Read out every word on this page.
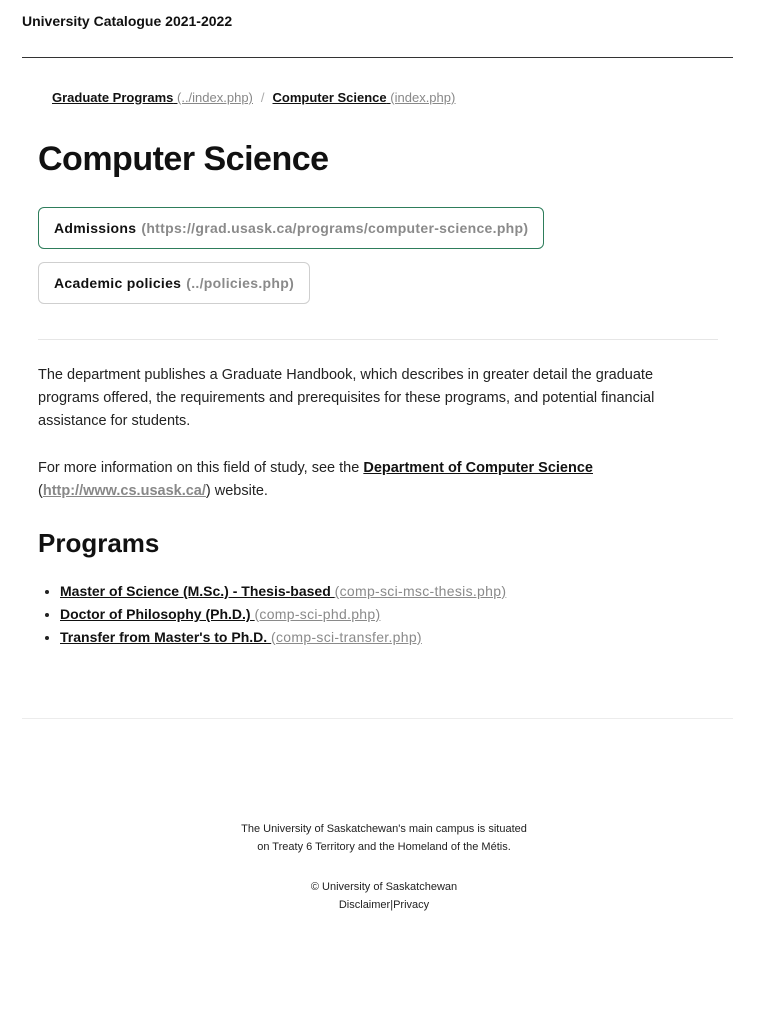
University Catalogue 2021-2022
Graduate Programs (../index.php) / Computer Science (index.php)
Computer Science
Admissions (https://grad.usask.ca/programs/computer-science.php)
Academic policies (../policies.php)

The department publishes a Graduate Handbook, which describes in greater detail the graduate programs offered, the requirements and prerequisites for these programs, and potential financial assistance for students.

For more information on this field of study, see the Department of Computer Science
(http://www.cs.usask.ca/) website.

Programs
• Master of Science (M.Sc.) - Thesis-based (comp-sci-msc-thesis.php)
• Doctor of Philosophy (Ph.D.) (comp-sci-phd.php)
• Transfer from Master's to Ph.D. (comp-sci-transfer.php)
The University of Saskatchewan's main campus is situated
on Treaty 6 Territory and the Homeland of the Métis.
© University of Saskatchewan
Disclaimer|Privacy
